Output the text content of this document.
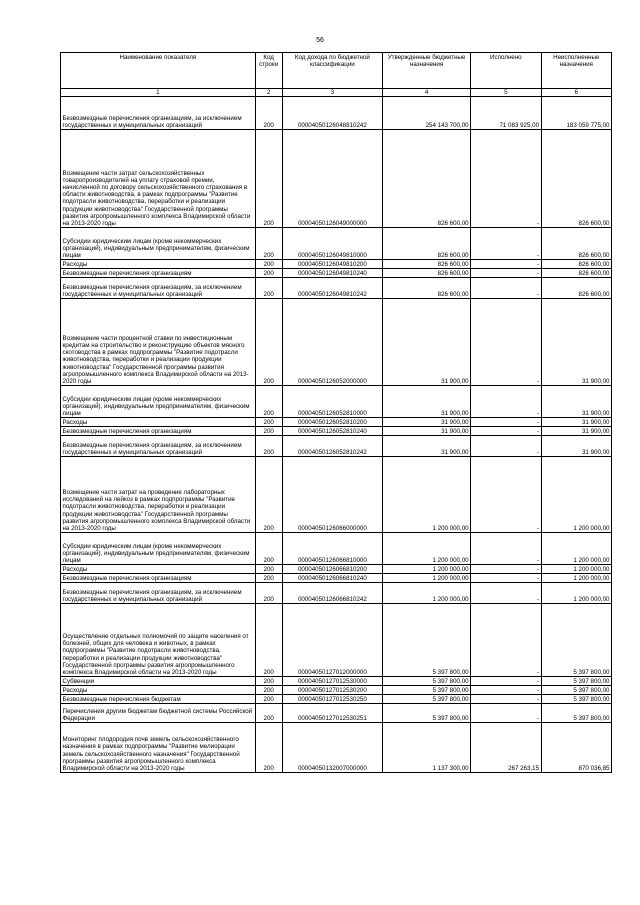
56
Наименование показателя	Код строки	Код дохода по бюджетной классификации	Утвержденные бюджетные назначения	Исполнено	Неисполненные назначения
1	2	3	4	5	6
Безвозмездные перечисления организациям, за исключением государственных и муниципальных организаций	200	00004050126048810242	254 143 700,00	71 083 925,00	183 059 775,00
Возмещение части затрат сельскохозяйственных товаропроизводителей на уплату страховой премии, начисленной по договору сельскохозяйственного страхования в области животноводства, в рамках подпрограммы "Развитие подотрасли животноводства, переработки и реализации продукции животноводства" Государственной программы развития агропромышленного комплекса Владимирской области на 2013-2020 годы	200	00004050126049000000	826 600,00	-	826 600,00
Субсидии юридическим лицам (кроме некоммерческих организаций), индивидуальным предпринимателям, физическим лицам	200	00004050126049810000	826 600,00	-	826 600,00
Расходы	200	00004050126049810200	826 600,00	-	826 600,00
Безвозмездные перечисления организациям	200	00004050126049810240	826 600,00	-	826 600,00
Безвозмездные перечисления организациям, за исключением государственных и муниципальных организаций	200	00004050126049810242	826 600,00	-	826 600,00
Возмещение части процентной ставки по инвестиционным кредитам на строительство и реконструкцию объектов мясного скотоводства в рамках подпрограммы "Развитие подотрасли животноводства, переработки и реализации продукции животноводства" Государственной программы развития агропромышленного комплекса Владимирской области на 2013-2020 годы	200	00004050126052000000	31 900,00	-	31 900,00
Субсидии юридическим лицам (кроме некоммерческих организаций), индивидуальным предпринимателям, физическим лицам	200	00004050126052810000	31 900,00	-	31 900,00
Расходы	200	00004050126052810200	31 900,00	-	31 900,00
Безвозмездные перечисления организациям	200	00004050126052810240	31 900,00	-	31 900,00
Безвозмездные перечисления организациям, за исключением государственных и муниципальных организаций	200	00004050126052810242	31 900,00	-	31 900,00
Возмещение части затрат на проведение лабораторных исследований на лейкоз в рамках подпрограммы "Развитие подотрасли животноводства, переработки и реализации продукции животноводства" Государственной программы развития агропромышленного комплекса Владимирской области на 2013-2020 годы	200	00004050126066000000	1 200 000,00	-	1 200 000,00
Субсидии юридическим лицам (кроме некоммерческих организаций), индивидуальным предпринимателям, физическим лицам	200	00004050126066810000	1 200 000,00	-	1 200 000,00
Расходы	200	00004050126066810200	1 200 000,00	-	1 200 000,00
Безвозмездные перечисления организациям	200	00004050126066810240	1 200 000,00	-	1 200 000,00
Безвозмездные перечисления организациям, за исключением государственных и муниципальных организаций	200	00004050126066810242	1 200 000,00	-	1 200 000,00
Осуществление отдельных полномочий по защите населения от болезней, общих для человека и животных, в рамках подпрограммы "Развитие подотрасли животноводства, переработки и реализации продукции животноводства" Государственной программы развития агропромышленного комплекса Владимирской области на 2013-2020 годы	200	00004050127012000000	5 397 800,00	-	5 397 800,00
Субвенции	200	00004050127012530000	5 397 800,00	-	5 397 800,00
Расходы	200	00004050127012530200	5 397 800,00	-	5 397 800,00
Безвозмездные перечисления бюджетам	200	00004050127012530250	5 397 800,00	-	5 397 800,00
Перечисления другим бюджетам бюджетной системы Российской Федерации	200	00004050127012530251	5 397 800,00	-	5 397 800,00
Мониторинг плодородия почв земель сельскохозяйственного назначения в рамках подпрограммы "Развитие мелиорации земель сельскохозяйственного назначения" Государственной программы развития агропромышленного комплекса Владимирской области на 2013-2020 годы	200	00004050132007000000	1 137 300,00	267 263,15	870 036,85
